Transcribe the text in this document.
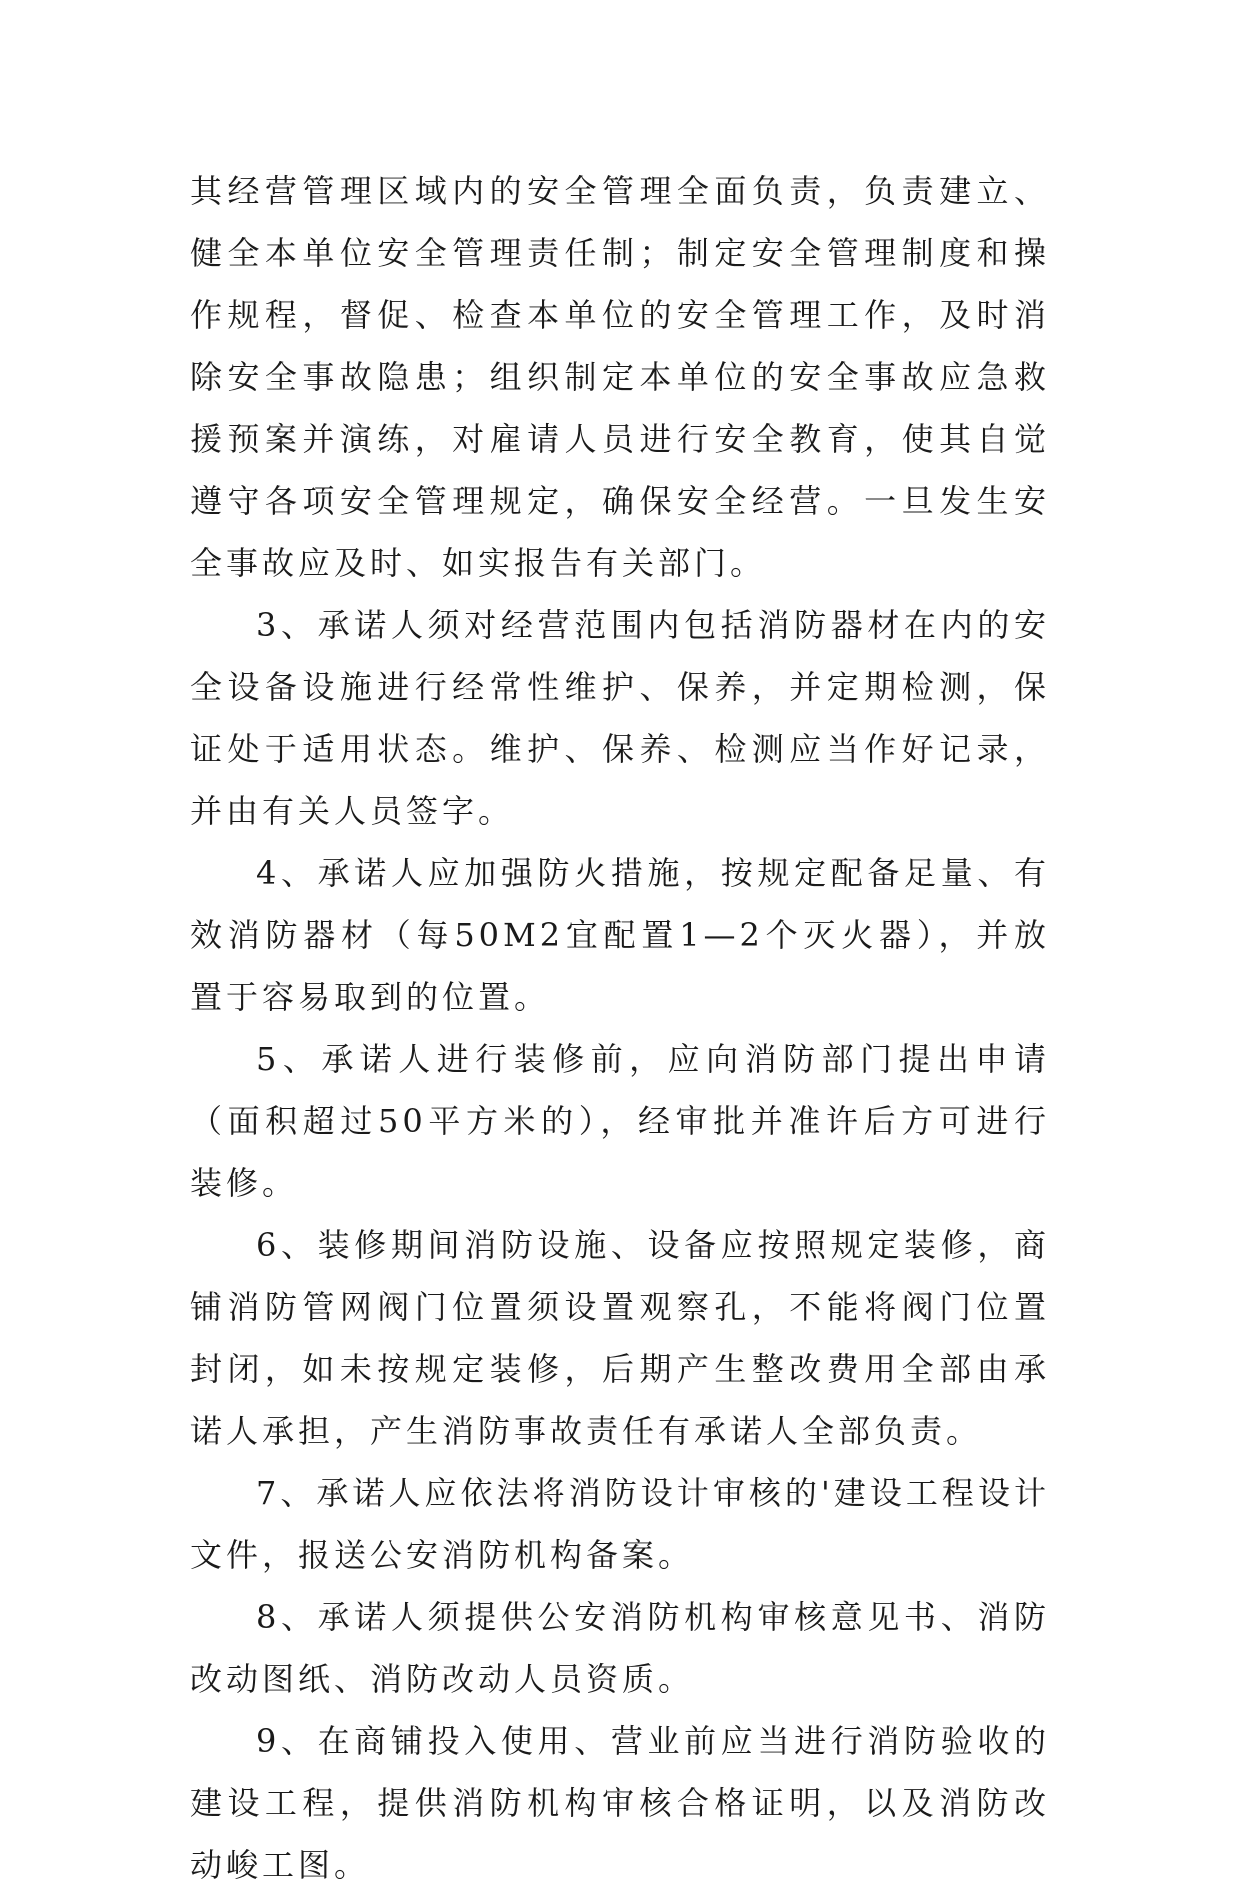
其经营管理区域内的安全管理全面负责，负责建立、健全本单位安全管理责任制；制定安全管理制度和操作规程，督促、检查本单位的安全管理工作，及时消除安全事故隐患；组织制定本单位的安全事故应急救援预案并演练，对雇请人员进行安全教育，使其自觉遵守各项安全管理规定，确保安全经营。一旦发生安全事故应及时、如实报告有关部门。

3、承诺人须对经营范围内包括消防器材在内的安全设备设施进行经常性维护、保养，并定期检测，保证处于适用状态。维护、保养、检测应当作好记录，并由有关人员签字。

4、承诺人应加强防火措施，按规定配备足量、有效消防器材（每50M2宜配置1—2个灭火器），并放置于容易取到的位置。

5、承诺人进行装修前，应向消防部门提出申请（面积超过50平方米的），经审批并准许后方可进行装修。

6、装修期间消防设施、设备应按照规定装修，商铺消防管网阀门位置须设置观察孔，不能将阀门位置封闭，如未按规定装修，后期产生整改费用全部由承诺人承担，产生消防事故责任有承诺人全部负责。

7、承诺人应依法将消防设计审核的'建设工程设计文件，报送公安消防机构备案。

8、承诺人须提供公安消防机构审核意见书、消防改动图纸、消防改动人员资质。

9、在商铺投入使用、营业前应当进行消防验收的建设工程，提供消防机构审核合格证明，以及消防改动峻工图。
